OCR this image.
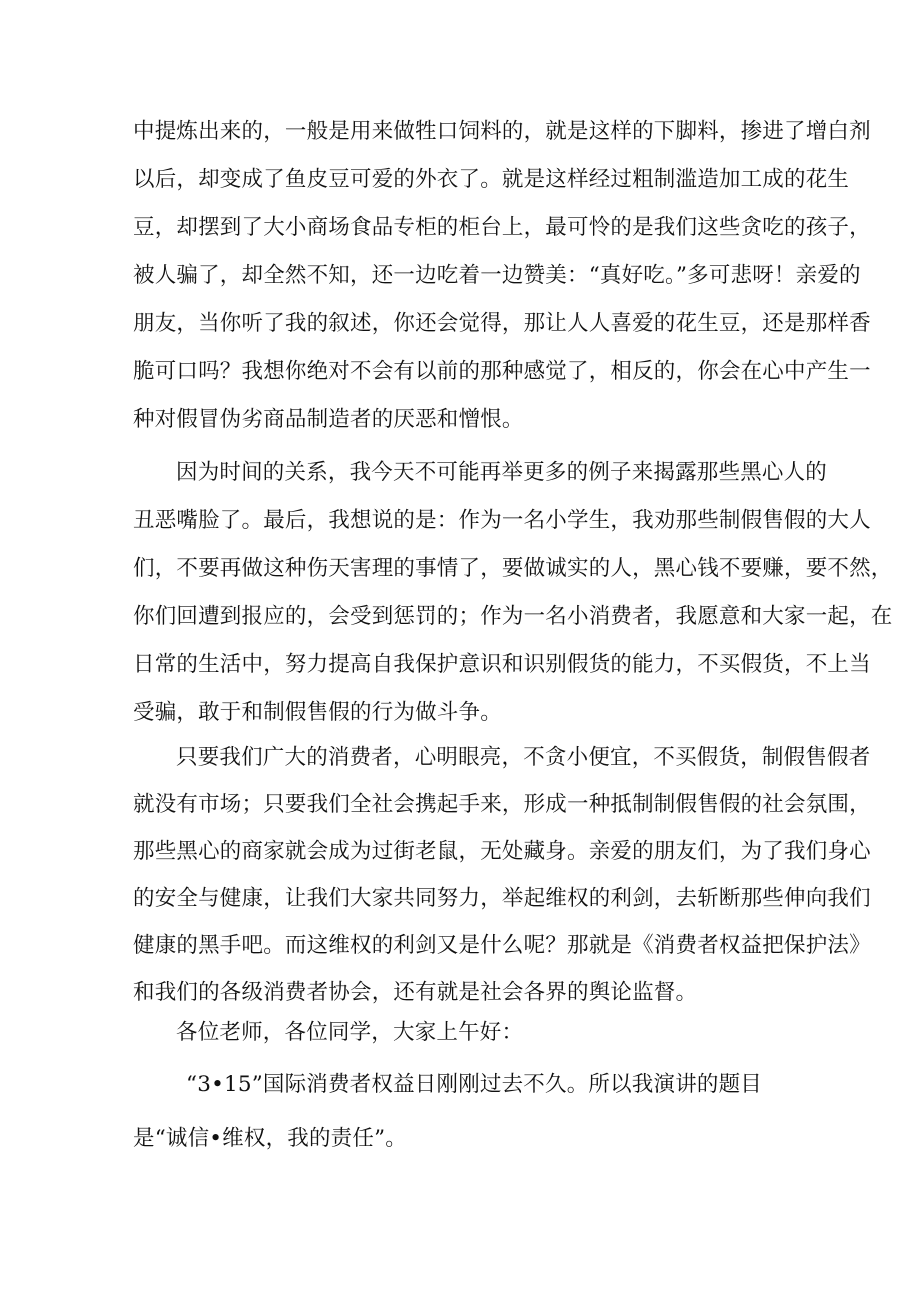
中提炼出来的，一般是用来做牲口饲料的，就是这样的下脚料，掺进了增白剂
以后，却变成了鱼皮豆可爱的外衣了。就是这样经过粗制滥造加工成的花生
豆，却摆到了大小商场食品专柜的柜台上，最可怜的是我们这些贪吃的孩子，
被人骗了，却全然不知，还一边吃着一边赞美：“真好吃。”多可悲呀！亲爱的
朋友，当你听了我的叙述，你还会觉得，那让人人喜爱的花生豆，还是那样香
脆可口吗？我想你绝对不会有以前的那种感觉了，相反的，你会在心中产生一
种对假冒伪劣商品制造者的厌恶和憎恨。
因为时间的关系，我今天不可能再举更多的例子来揭露那些黑心人的
丑恶嘴脸了。最后，我想说的是：作为一名小学生，我劝那些制假售假的大人
们，不要再做这种伤天害理的事情了，要做诚实的人，黑心钱不要赚，要不然，
你们回遭到报应的，会受到惩罚的；作为一名小消费者，我愿意和大家一起，在
日常的生活中，努力提高自我保护意识和识别假货的能力，不买假货，不上当
受骗，敢于和制假售假的行为做斗争。
只要我们广大的消费者，心明眼亮，不贪小便宜，不买假货，制假售假者
就没有市场；只要我们全社会携起手来，形成一种抵制制假售假的社会氛围，
那些黑心的商家就会成为过街老鼠，无处藏身。亲爱的朋友们，为了我们身心
的安全与健康，让我们大家共同努力，举起维权的利剑，去斩断那些伸向我们
健康的黑手吧。而这维权的利剑又是什么呢？那就是《消费者权益把保护法》
和我们的各级消费者协会，还有就是社会各界的舆论监督。
各位老师，各位同学，大家上午好：
“3•15”国际消费者权益日刚刚过去不久。所以我演讲的题目
是“诚信•维权，我的责任”。
